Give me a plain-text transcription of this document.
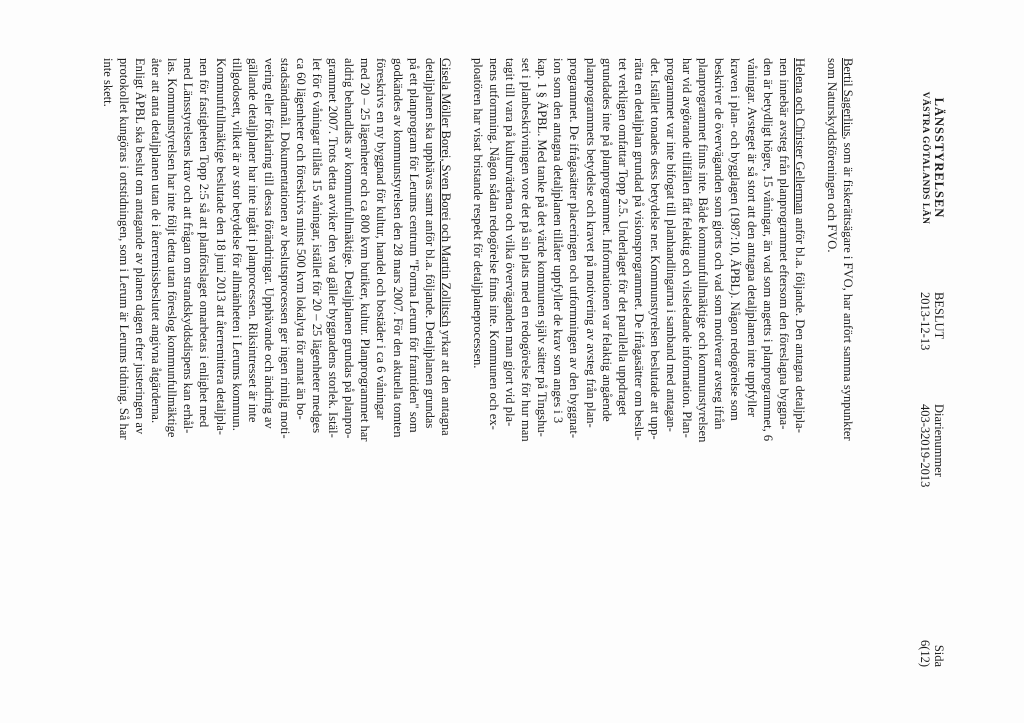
LÄNSSTYRELSEN
VÄSTRA GÖTALANDS LÄN
BESLUT
2013-12-13
Diarienummer
403-32019-2013
Sida
6(12)
Bertil Sagerlius, som är fiskerättsägare i FVO, har anfört samma synpunkter
som Naturskyddsföreningen och FVO.
Helena och Christer Gellerman anför bl.a. följande. Den antagna detaljpla-
nen innebär avsteg från planprogrammet eftersom den föreslagna byggna-
den är betydligt högre, 15 våningar, än vad som angetts i planprogrammet, 6
våningar. Avsteget är så stort att den antagna detaljplanen inte uppfyller
kraven i plan- och bygglagen (1987:10, ÄPBL). Någon redogörelse som
beskriver de överväganden som gjorts och vad som motiverar avsteg ifrån
planprogrammet finns inte. Både kommunfullmäktige och kommunstyrelsen
har vid avgörande tillfällen fått felaktig och vilseledande information. Plan-
programmet var inte bifogat till planhandlingarna i samband med antagan-
det. Istället tonades dess betydelse ner. Kommunstyrelsen beslutade att upp-
rätta en detaljplan grundad på visionsprogrammet. De ifrågasätter om beslu-
tet verkligen omfattar Topp 2.5. Underlaget för det parallella uppdraget
grundades inte på planprogrammet. Informationen var felaktig angående
planprogrammets betydelse och kravet på motivering av avsteg från plan-
programmet. De ifrågasätter placeringen och utformningen av den byggnat-
ion som den antagna detaljplanen tillåter uppfyller de krav som anges i 3
kap. 1 § ÄPBL. Med tanke på det värde kommunen själv sätter på Tingshu-
set i planbeskrivningen vore det på sin plats med en redogörelse för hur man
tagit till vara på kulturvärdena och vilka överväganden man gjort vid pla-
nens utformning. Någon sådan redogörelse finns inte. Kommunen och ex-
ploatören har visat bristande respekt för detaljplaneprocessen.
Gisela Möller Borei, Sven Borei och Martin Zollitsch yrkar att den antagna
detaljplanen ska upphävas samt anför bl.a. följande. Detaljplanen grundas
på ett planprogram för Lerums centrum "Forma Lerum för framtiden" som
godkändes av kommunstyrelsen den 28 mars 2007. För den aktuella tomten
föreskrivs en ny byggnad för kultur, handel och bostäder i ca 6 våningar
med 20 – 25 lägenheter och ca 800 kvm butiker, kultur. Planprogrammet har
aldrig behandlats av kommunfullmäktige. Detaljplanen grundas på planpro-
grammet 2007. Trots detta avviker den vad gäller byggnadens storlek. Istäl-
let för 6 våningar tillåts 15 våningar, istället för 20 – 25 lägenheter medges
ca 60 lägenheter och föreskrivs minst 500 kvm lokalyta för annat än bo-
stadsändamål. Dokumentationen av beslutsprocessen ger ingen rimlig moti-
vering eller förklaring till dessa förändringar. Upphävande och ändring av
gällande detaljplaner har inte ingått i planprocessen. Riksintresset är inte
tillgodosett, vilket är av stor betydelse för allmänheten i Lerums kommun.
Kommunfullmäktige beslutade den 18 juni 2013 att återremittera detaljpla-
nen för fastigheten Topp 2:5 så att planförslaget omarbetas i enlighet med
med Länsstyrelsens krav och att frågan om strandskyddsdispens kan erhål-
las. Kommunstyrelsen har inte följt detta utan föreslog kommunfullmäktige
åter att anta detaljplanen utan de i återremissbeslutet angivna åtgärderna.
Enligt ÄPBL ska beslut om antagande av planen dagen efter justeringen av
protokollet kungöras i ortstidningen, som i Lerum är Lerums tidning. Så har
inte skett.
